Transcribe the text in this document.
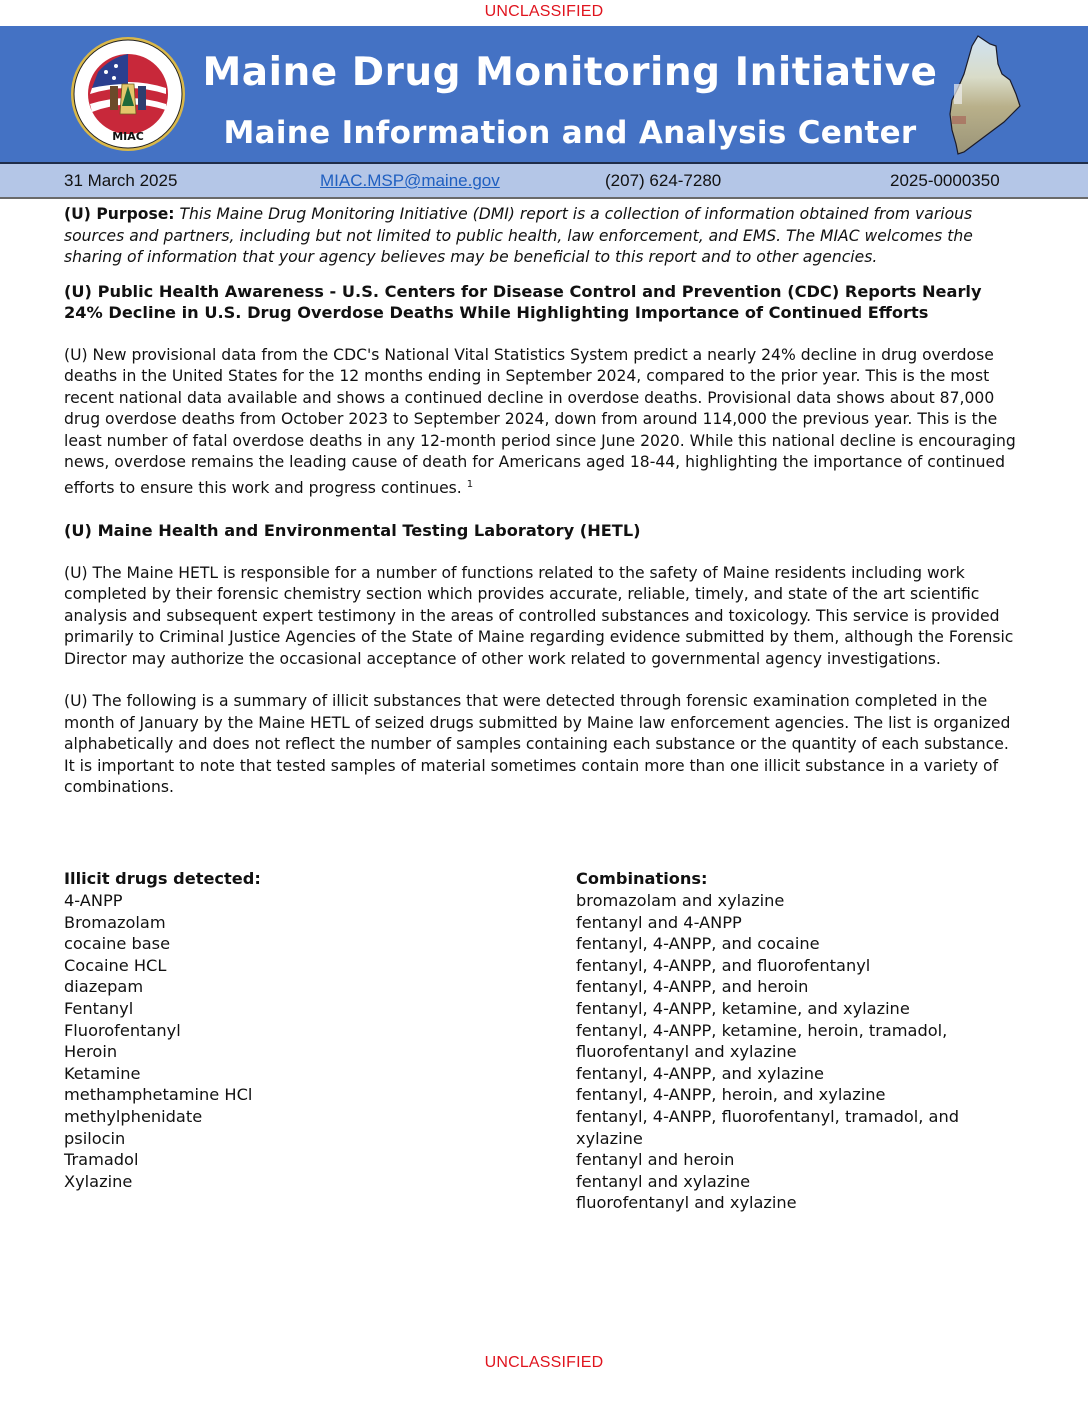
UNCLASSIFIED
MIAC
Maine Drug Monitoring Initiative
Maine Information and Analysis Center
31 March 2025	MIAC.MSP@maine.gov	(207) 624-7280	2025-0000350

(U) Purpose: This Maine Drug Monitoring Initiative (DMI) report is a collection of information obtained from various sources and partners, including but not limited to public health, law enforcement, and EMS. The MIAC welcomes the sharing of information that your agency believes may be beneficial to this report and to other agencies.

(U) Public Health Awareness - U.S. Centers for Disease Control and Prevention (CDC) Reports Nearly 24% Decline in U.S. Drug Overdose Deaths While Highlighting Importance of Continued Efforts

(U) New provisional data from the CDC's National Vital Statistics System predict a nearly 24% decline in drug overdose deaths in the United States for the 12 months ending in September 2024, compared to the prior year. This is the most recent national data available and shows a continued decline in overdose deaths. Provisional data shows about 87,000 drug overdose deaths from October 2023 to September 2024, down from around 114,000 the previous year. This is the least number of fatal overdose deaths in any 12-month period since June 2020. While this national decline is encouraging news, overdose remains the leading cause of death for Americans aged 18-44, highlighting the importance of continued efforts to ensure this work and progress continues. $^1$

(U) Maine Health and Environmental Testing Laboratory (HETL)

(U) The Maine HETL is responsible for a number of functions related to the safety of Maine residents including work completed by their forensic chemistry section which provides accurate, reliable, timely, and state of the art scientific analysis and subsequent expert testimony in the areas of controlled substances and toxicology. This service is provided primarily to Criminal Justice Agencies of the State of Maine regarding evidence submitted by them, although the Forensic Director may authorize the occasional acceptance of other work related to governmental agency investigations.

(U) The following is a summary of illicit substances that were detected through forensic examination completed in the month of January by the Maine HETL of seized drugs submitted by Maine law enforcement agencies. The list is organized alphabetically and does not reflect the number of samples containing each substance or the quantity of each substance. It is important to note that tested samples of material sometimes contain more than one illicit substance in a variety of combinations.

Illicit drugs detected:
4-ANPP
Bromazolam
cocaine base
Cocaine HCL
diazepam
Fentanyl
Fluorofentanyl
Heroin
Ketamine
methamphetamine HCl
methylphenidate
psilocin
Tramadol
Xylazine
Combinations:
bromazolam and xylazine
fentanyl and 4-ANPP
fentanyl, 4-ANPP, and cocaine
fentanyl, 4-ANPP, and fluorofentanyl
fentanyl, 4-ANPP, and heroin
fentanyl, 4-ANPP, ketamine, and xylazine
fentanyl, 4-ANPP, ketamine, heroin, tramadol, fluorofentanyl and xylazine
fentanyl, 4-ANPP, and xylazine
fentanyl, 4-ANPP, heroin, and xylazine
fentanyl, 4-ANPP, fluorofentanyl, tramadol, and xylazine
fentanyl and heroin
fentanyl and xylazine
fluorofentanyl and xylazine
UNCLASSIFIED
